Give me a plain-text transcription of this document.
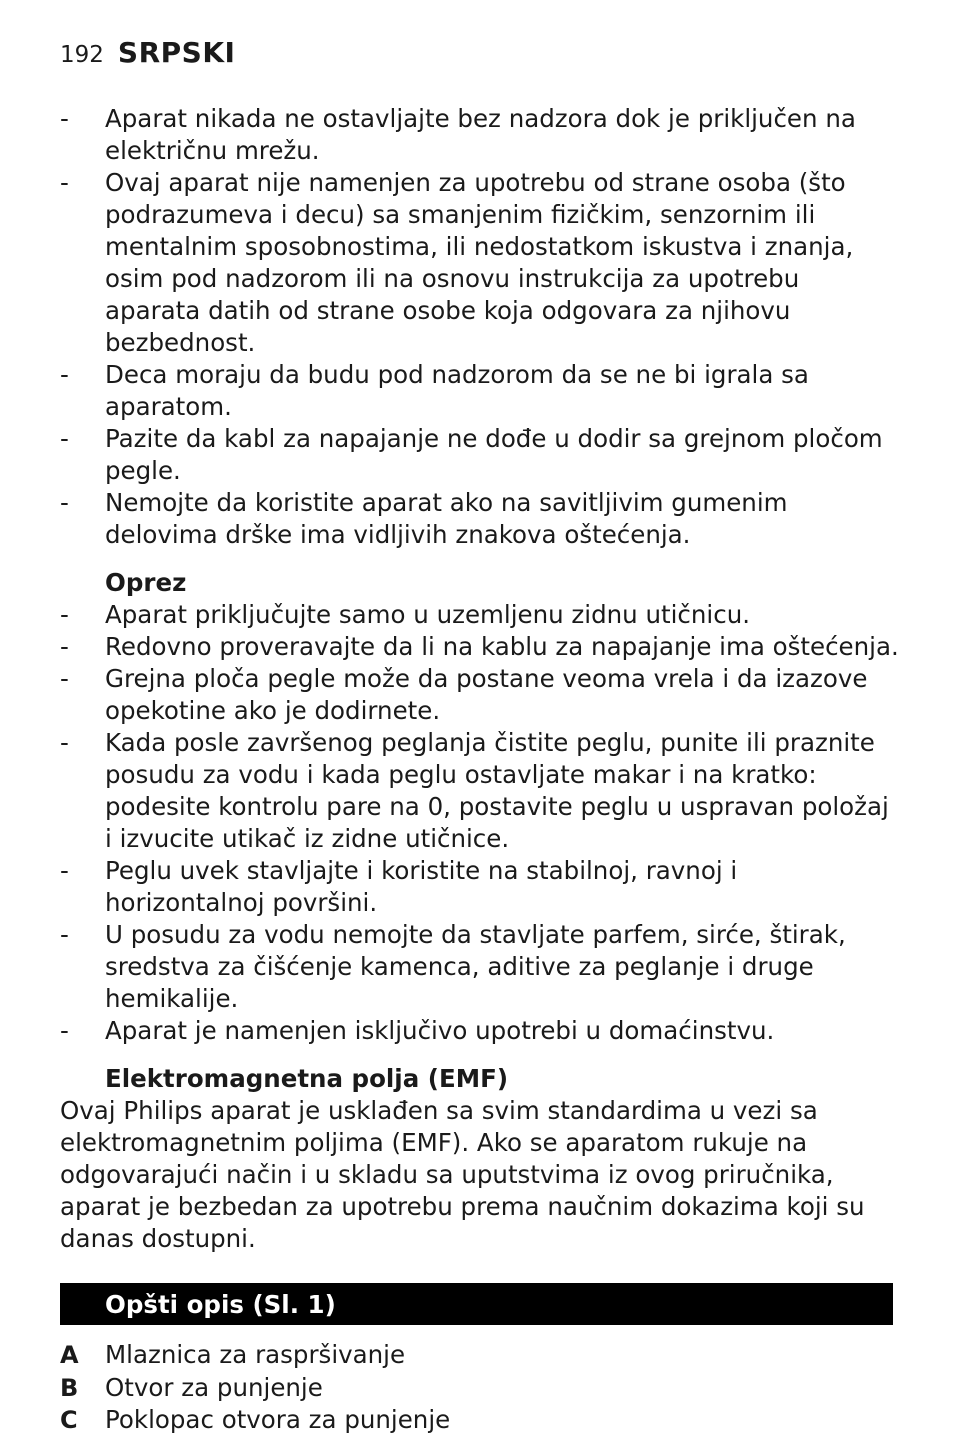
192 SRPSKI
-	Aparat nikada ne ostavljajte bez nadzora dok je priključen na električnu mrežu.
-	Ovaj aparat nije namenjen za upotrebu od strane osoba (što podrazumeva i decu) sa smanjenim fizičkim, senzornim ili mentalnim sposobnostima, ili nedostatkom iskustva i znanja, osim pod nadzorom ili na osnovu instrukcija za upotrebu aparata datih od strane osobe koja odgovara za njihovu bezbednost.
-	Deca moraju da budu pod nadzorom da se ne bi igrala sa aparatom.
-	Pazite da kabl za napajanje ne dođe u dodir sa grejnom pločom pegle.
-	Nemojte da koristite aparat ako na savitljivim gumenim delovima drške ima vidljivih znakova oštećenja.
Oprez
-	Aparat priključujte samo u uzemljenu zidnu utičnicu.
-	Redovno proveravajte da li na kablu za napajanje ima oštećenja.
-	Grejna ploča pegle može da postane veoma vrela i da izazove opekotine ako je dodirnete.
-	Kada posle završenog peglanja čistite peglu, punite ili praznite posudu za vodu i kada peglu ostavljate makar i na kratko: podesite kontrolu pare na 0, postavite peglu u uspravan položaj i izvucite utikač iz zidne utičnice.
-	Peglu uvek stavljajte i koristite na stabilnoj, ravnoj i horizontalnoj površini.
-	U posudu za vodu nemojte da stavljate parfem, sirće, štirak, sredstva za čišćenje kamenca, aditive za peglanje i druge hemikalije.
-	Aparat je namenjen isključivo upotrebi u domaćinstvu.
Elektromagnetna polja (EMF)

Ovaj Philips aparat je usklađen sa svim standardima u vezi sa elektromagnetnim poljima (EMF). Ako se aparatom rukuje na odgovarajući način i u skladu sa uputstvima iz ovog priručnika, aparat je bezbedan za upotrebu prema naučnim dokazima koji su danas dostupni.

Opšti opis (Sl. 1)
A Mlaznica za raspršivanje
B Otvor za punjenje
C Poklopac otvora za punjenje
